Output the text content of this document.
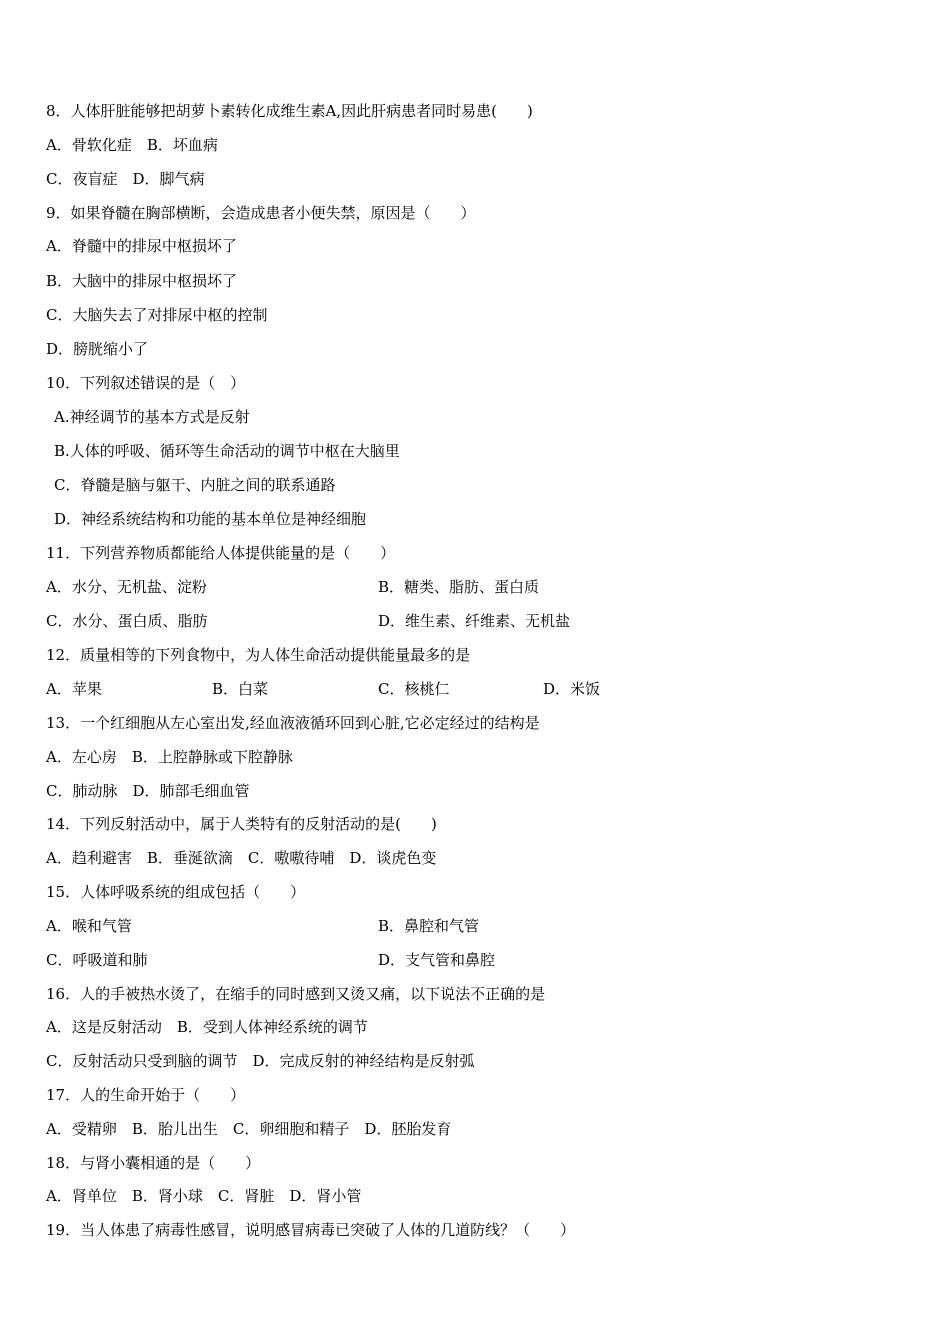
8．人体肝脏能够把胡萝卜素转化成维生素A,因此肝病患者同时易患(　　)
A．骨软化症　B．坏血病
C．夜盲症　D．脚气病
9．如果脊髓在胸部横断，会造成患者小便失禁，原因是（　　）
A．脊髓中的排尿中枢损坏了
B．大脑中的排尿中枢损坏了
C．大脑失去了对排尿中枢的控制
D．膀胱缩小了
10．下列叙述错误的是（　）
A.神经调节的基本方式是反射
B.人体的呼吸、循环等生命活动的调节中枢在大脑里
C．脊髓是脑与躯干、内脏之间的联系通路
D．神经系统结构和功能的基本单位是神经细胞
11．下列营养物质都能给人体提供能量的是（　　）
A．水分、无机盐、淀粉	B．糖类、脂肪、蛋白质
C．水分、蛋白质、脂肪	D．维生素、纤维素、无机盐
12．质量相等的下列食物中，为人体生命活动提供能量最多的是
A．苹果	B．白菜	C．核桃仁	D．米饭
13．一个红细胞从左心室出发,经血液液循环回到心脏,它必定经过的结构是
A．左心房　B．上腔静脉或下腔静脉
C．肺动脉　D．肺部毛细血管
14．下列反射活动中，属于人类特有的反射活动的是(　　)
A．趋利避害　B．垂涎欲滴　C．嗷嗷待哺　D．谈虎色变
15．人体呼吸系统的组成包括（　　）
A．喉和气管	B．鼻腔和气管
C．呼吸道和肺	D．支气管和鼻腔
16．人的手被热水烫了，在缩手的同时感到又烫又痛，以下说法不正确的是
A．这是反射活动　B．受到人体神经系统的调节
C．反射活动只受到脑的调节　D．完成反射的神经结构是反射弧
17．人的生命开始于（　　）
A．受精卵　B．胎儿出生　C．卵细胞和精子　D．胚胎发育
18．与肾小囊相通的是（　　）
A．肾单位　B．肾小球　C．肾脏　D．肾小管
19．当人体患了病毒性感冒，说明感冒病毒已突破了人体的几道防线？（　　）
